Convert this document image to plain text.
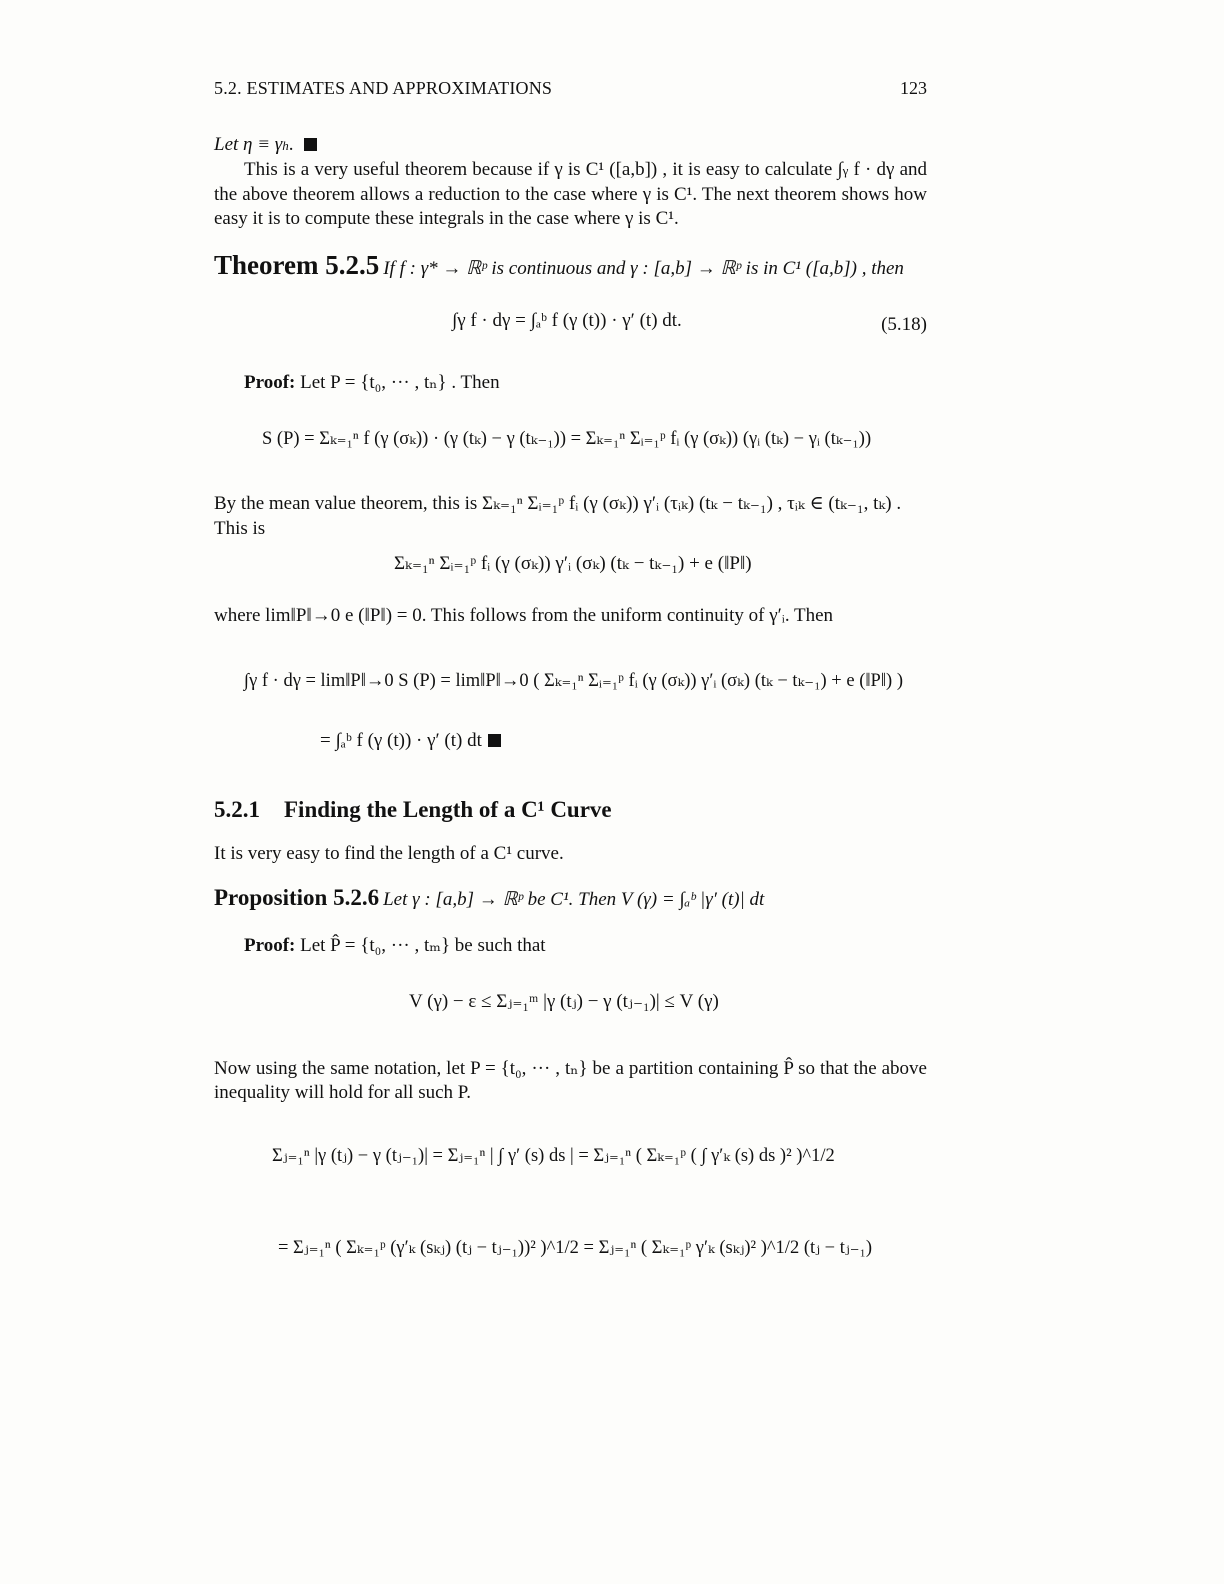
5.2. ESTIMATES AND APPROXIMATIONS	123
Let η ≡ γh.
This is a very useful theorem because if γ is C¹ ([a,b]) , it is easy to calculate ∫γ f · dγ and the above theorem allows a reduction to the case where γ is C¹. The next theorem shows how easy it is to compute these integrals in the case where γ is C¹.
Theorem 5.2.5 If f : γ* → ℝᵖ is continuous and γ : [a,b] → ℝᵖ is in C¹ ([a,b]) , then
∫γ f · dγ = ∫ₐᵇ f (γ (t)) · γ′ (t) dt.	(5.18)
Proof: Let P = {t₀, ··· , tₙ} . Then
S (P) = Σₖ₌₁ⁿ f (γ (σₖ)) · (γ (tₖ) − γ (tₖ₋₁)) = Σₖ₌₁ⁿ Σᵢ₌₁ᵖ fᵢ (γ (σₖ)) (γᵢ (tₖ) − γᵢ (tₖ₋₁))
By the mean value theorem, this is Σₖ₌₁ⁿ Σᵢ₌₁ᵖ fᵢ (γ (σₖ)) γ′ᵢ (τᵢₖ) (tₖ − tₖ₋₁) , τᵢₖ ∈ (tₖ₋₁, tₖ) .
This is
Σₖ₌₁ⁿ Σᵢ₌₁ᵖ fᵢ (γ (σₖ)) γ′ᵢ (σₖ) (tₖ − tₖ₋₁) + e (‖P‖)
where lim‖P‖→0 e (‖P‖) = 0. This follows from the uniform continuity of γ′ᵢ. Then
∫γ f · dγ = lim‖P‖→0 S (P) = lim‖P‖→0 ( Σₖ₌₁ⁿ Σᵢ₌₁ᵖ fᵢ (γ (σₖ)) γ′ᵢ (σₖ) (tₖ − tₖ₋₁) + e (‖P‖) )
= ∫ₐᵇ f (γ (t)) · γ′ (t) dt
5.2.1 Finding the Length of a C¹ Curve
It is very easy to find the length of a C¹ curve.
Proposition 5.2.6 Let γ : [a,b] → ℝᵖ be C¹. Then V (γ) = ∫ₐᵇ |γ′ (t)| dt
Proof: Let P̂ = {t₀, ··· , tₘ} be such that
V (γ) − ε ≤ Σⱼ₌₁ᵐ |γ (tⱼ) − γ (tⱼ₋₁)| ≤ V (γ)
Now using the same notation, let P = {t₀, ··· , tₙ} be a partition containing P̂ so that the above inequality will hold for all such P.
Σⱼ₌₁ⁿ |γ (tⱼ) − γ (tⱼ₋₁)| = Σⱼ₌₁ⁿ | ∫ γ′ (s) ds | = Σⱼ₌₁ⁿ ( Σₖ₌₁ᵖ ( ∫ γ′ₖ (s) ds )² )^1/2
= Σⱼ₌₁ⁿ ( Σₖ₌₁ᵖ (γ′ₖ (sₖⱼ) (tⱼ − tⱼ₋₁))² )^1/2 = Σⱼ₌₁ⁿ ( Σₖ₌₁ᵖ γ′ₖ (sₖⱼ)² )^1/2 (tⱼ − tⱼ₋₁)
